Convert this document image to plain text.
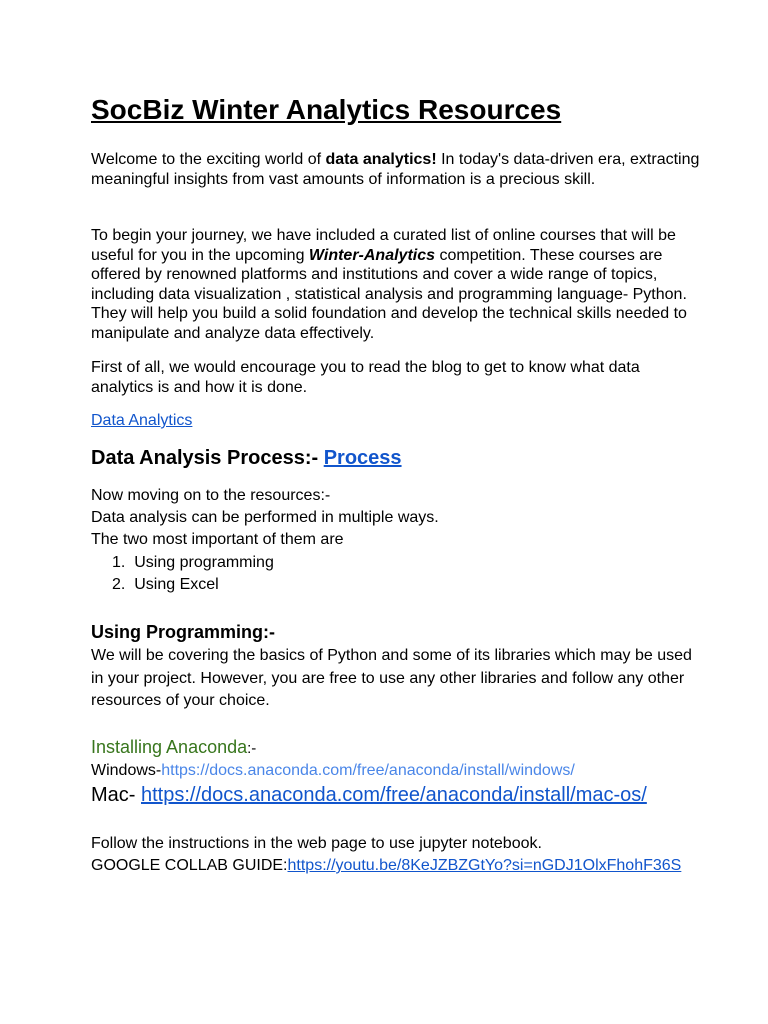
SocBiz Winter Analytics Resources
Welcome to the exciting world of data analytics! In today's data-driven era, extracting meaningful insights from vast amounts of information is a precious skill.
To begin your journey, we have included a curated list of online courses that will be useful for you in the upcoming Winter-Analytics competition. These courses are offered by renowned platforms and institutions and cover a wide range of topics, including data visualization , statistical analysis and programming language- Python. They will help you build a solid foundation and develop the technical skills needed to manipulate and analyze data effectively.
First of all, we would encourage you to read the blog to get to know what data analytics is and how it is done.
Data Analytics
Data Analysis Process:- Process
Now moving on to the resources:-
Data analysis can be performed in multiple ways.
The two most important of them are
1. Using programming
2. Using Excel
Using Programming:-
We will be covering the basics of Python and some of its libraries which may be used in your project. However, you are free to use any other libraries and follow any other resources of your choice.
Installing Anaconda:-
Windows-https://docs.anaconda.com/free/anaconda/install/windows/
Mac- https://docs.anaconda.com/free/anaconda/install/mac-os/
Follow the instructions in the web page to use jupyter notebook.
GOOGLE COLLAB GUIDE:https://youtu.be/8KeJZBZGtYo?si=nGDJ1OlxFhohF36S
